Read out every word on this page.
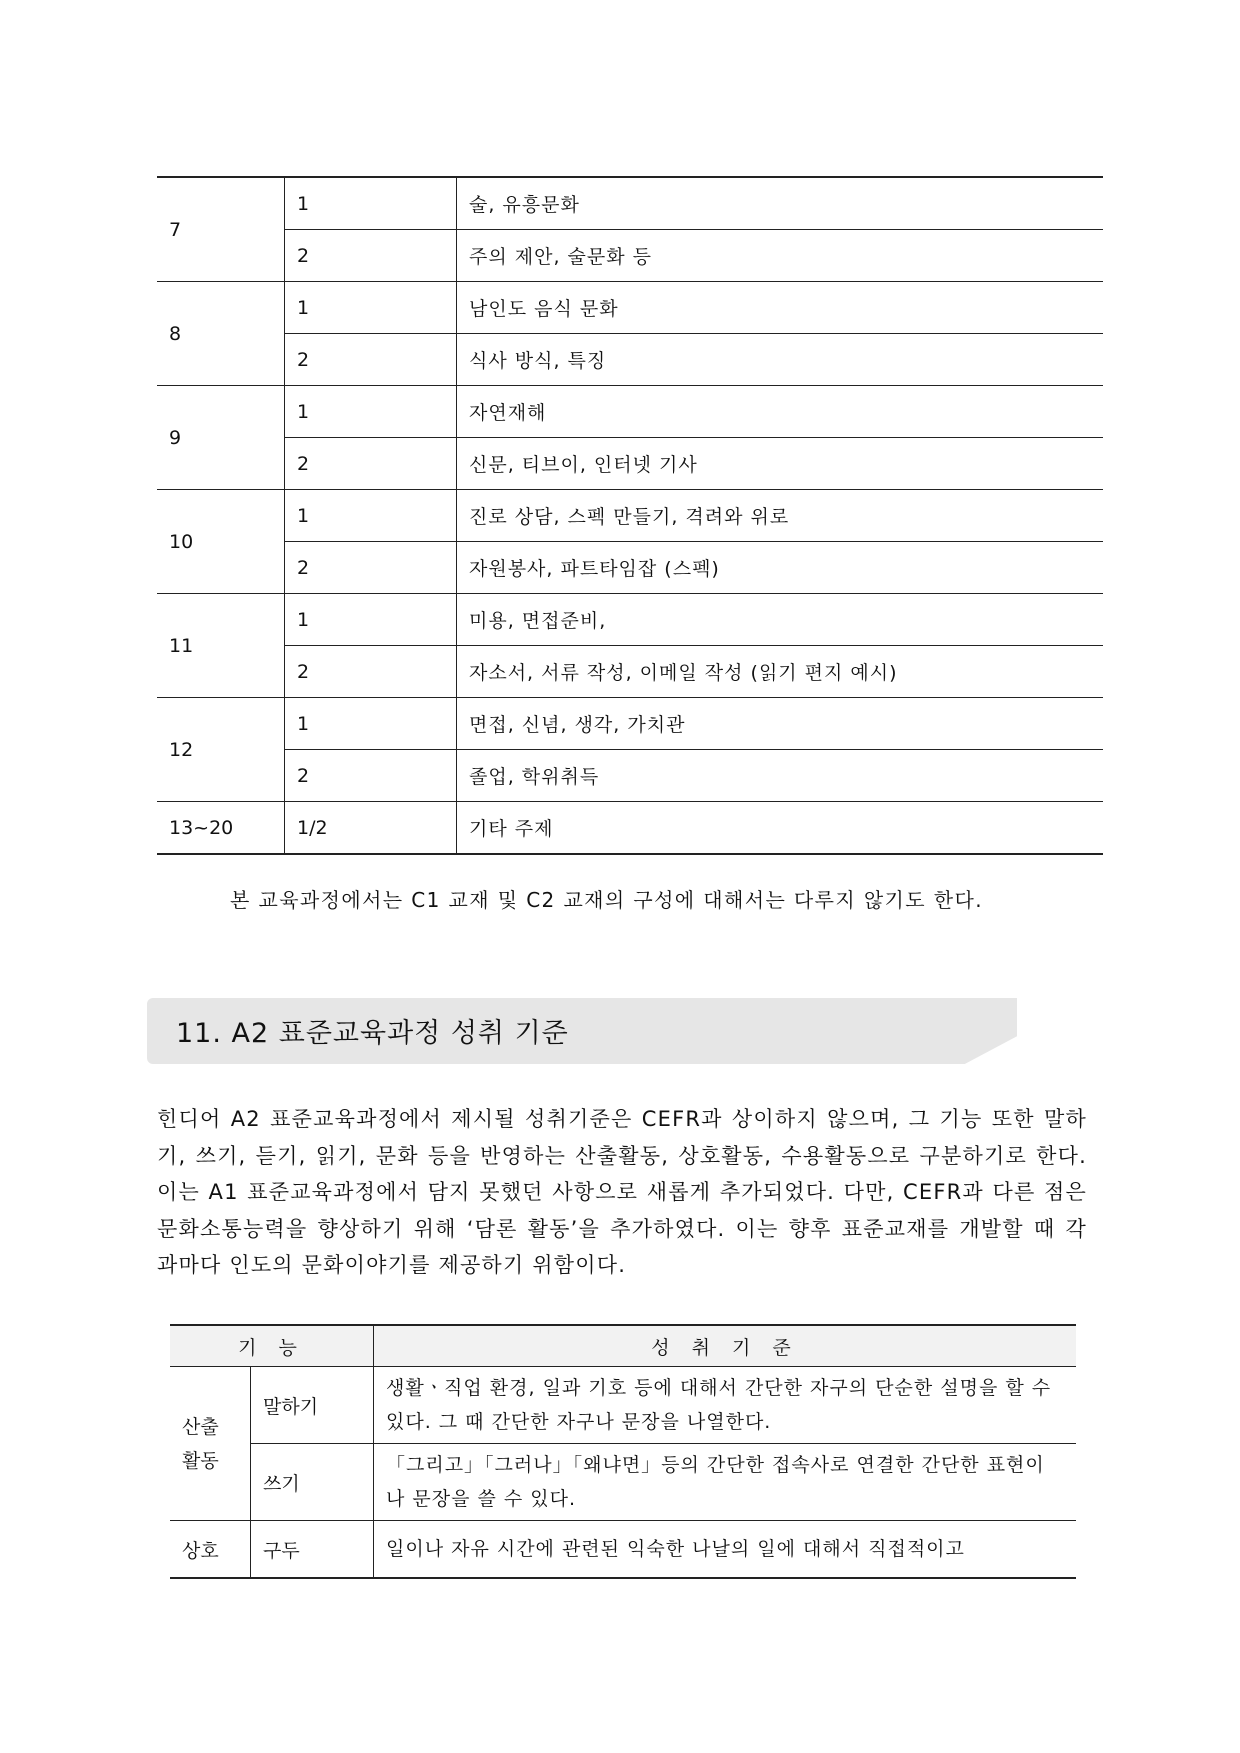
7	1	술, 유흥문화
	2	주의 제안, 술문화 등
8	1	남인도 음식 문화
	2	식사 방식, 특징
9	1	자연재해
	2	신문, 티브이, 인터넷 기사
10	1	진로 상담, 스펙 만들기, 격려와 위로
	2	자원봉사, 파트타임잡 (스펙)
11	1	미용, 면접준비,
	2	자소서, 서류 작성, 이메일 작성 (읽기 편지 예시)
12	1	면접, 신념, 생각, 가치관
	2	졸업, 학위취득
13~20	1/2	기타 주제
본 교육과정에서는 C1 교재 및 C2 교재의 구성에 대해서는 다루지 않기도 한다.
11. A2 표준교육과정 성취 기준
힌디어 A2 표준교육과정에서 제시될 성취기준은 CEFR과 상이하지 않으며, 그 기능 또한 말하기, 쓰기, 듣기, 읽기, 문화 등을 반영하는 산출활동, 상호활동, 수용활동으로 구분하기로 한다. 이는 A1 표준교육과정에서 담지 못했던 사항으로 새롭게 추가되었다. 다만, CEFR과 다른 점은 문화소통능력을 향상하기 위해 ‘담론 활동’을 추가하였다. 이는 향후 표준교재를 개발할 때 각 과마다 인도의 문화이야기를 제공하기 위함이다.
기 능		성 취 기 준
산출
활동	말하기	생활ㆍ직업 환경, 일과 기호 등에 대해서 간단한 자구의 단순한 설명을 할 수 있다. 그 때 간단한 자구나 문장을 나열한다.
	쓰기	「그리고」「그러나」「왜냐면」등의 간단한 접속사로 연결한 간단한 표현이나 문장을 쓸 수 있다.
상호	구두	일이나 자유 시간에 관련된 익숙한 나날의 일에 대해서 직접적이고
